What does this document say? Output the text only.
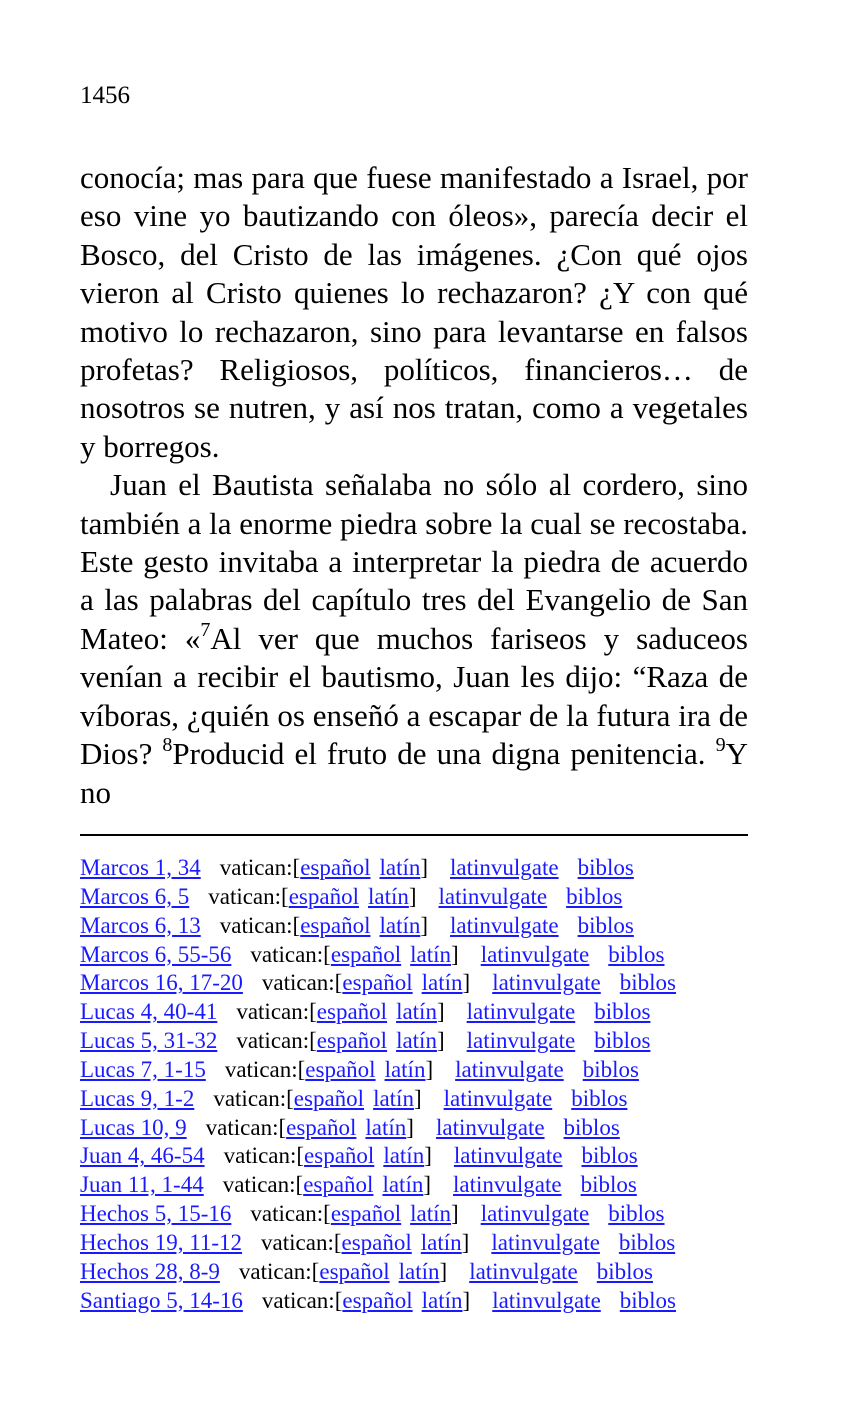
1456

conocía; mas para que fuese manifestado a Israel, por eso vine yo bautizando con óleos», parecía decir el Bosco, del Cristo de las imágenes. ¿Con qué ojos vieron al Cristo quienes lo rechazaron? ¿Y con qué motivo lo rechazaron, sino para levantarse en falsos profetas? Religiosos, políticos, financieros… de nosotros se nutren, y así nos tratan, como a vegetales y borregos.

Juan el Bautista señalaba no sólo al cordero, sino también a la enorme piedra sobre la cual se recostaba. Este gesto invitaba a interpretar la piedra de acuerdo a las palabras del capítulo tres del Evangelio de San Mateo: «$^7$Al ver que muchos fariseos y saduceos venían a recibir el bautismo, Juan les dijo: “Raza de víboras, ¿quién os enseñó a escapar de la futura ira de Dios? $^8$Producid el fruto de una digna penitencia. $^9$Y no

Marcos 1, 34 vatican:[español latín] latinvulgate biblos
Marcos 6, 5 vatican:[español latín] latinvulgate biblos
Marcos 6, 13 vatican:[español latín] latinvulgate biblos
Marcos 6, 55-56 vatican:[español latín] latinvulgate biblos
Marcos 16, 17-20 vatican:[español latín] latinvulgate biblos
Lucas 4, 40-41 vatican:[español latín] latinvulgate biblos
Lucas 5, 31-32 vatican:[español latín] latinvulgate biblos
Lucas 7, 1-15 vatican:[español latín] latinvulgate biblos
Lucas 9, 1-2 vatican:[español latín] latinvulgate biblos
Lucas 10, 9 vatican:[español latín] latinvulgate biblos
Juan 4, 46-54 vatican:[español latín] latinvulgate biblos
Juan 11, 1-44 vatican:[español latín] latinvulgate biblos
Hechos 5, 15-16 vatican:[español latín] latinvulgate biblos
Hechos 19, 11-12 vatican:[español latín] latinvulgate biblos
Hechos 28, 8-9 vatican:[español latín] latinvulgate biblos
Santiago 5, 14-16 vatican:[español latín] latinvulgate biblos
